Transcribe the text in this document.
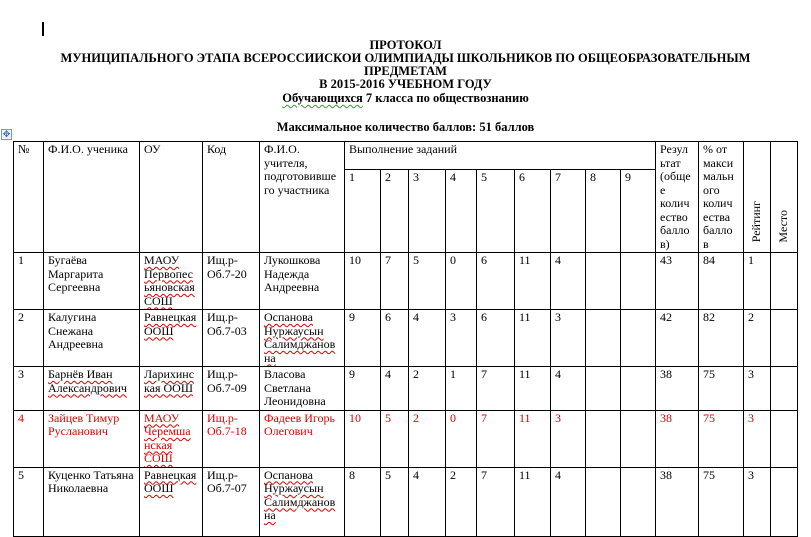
ПРОТОКОЛ
МУНИЦИПАЛЬНОГО ЭТАПА ВСЕРОССИИСКОИ ОЛИМПИАДЫ ШКОЛЬНИКОВ ПО ОБЩЕОБРАЗОВАТЕЛЬНЫМ
ПРЕДМЕТАМ
В 2015-2016 УЧЕБНОМ ГОДУ
Обучающихся 7 класса по обществознанию
Максимальное количество баллов: 51 баллов
✥
№	Ф.И.О. ученика	ОУ	Код	Ф.И.О. учителя, подготовивше го участника	Выполнение заданий									Резул ьтат (обще е колич ество балло в)	% от макси мальн ого колич ества балло в	Рейтинг	Место
					1	2	3	4	5	6	7	8	9				
1	Бугаёва Маргарита Сергеевна	МАОУ Первопес ьяновская СОШ	Ищ.р-Об.7-20	Лукошкова Надежда Андреевна	10	7	5	0	6	11	4			43	84	1	
2	Калугина Снежана Андреевна	Равнецкая ООШ	Ищ.р-Об.7-03	Оспанова Нуржаусын Салимджанов на	9	6	4	3	6	11	3			42	82	2	
3	Барнёв Иван Александрович	Ларихинс кая ООШ	Ищ.р-Об.7-09	Власова Светлана Леонидовна	9	4	2	1	7	11	4			38	75	3	
4	Зайцев Тимур Русланович	МАОУ Черемша нская СОШ	Ищ.р-Об.7-18	Фадеев Игорь Олегович	10	5	2	0	7	11	3			38	75	3	
5	Куценко Татьяна Николаевна	Равнецкая ООШ	Ищ.р-Об.7-07	Оспанова Нуржаусын Салимджанов на	8	5	4	2	7	11	4			38	75	3	
